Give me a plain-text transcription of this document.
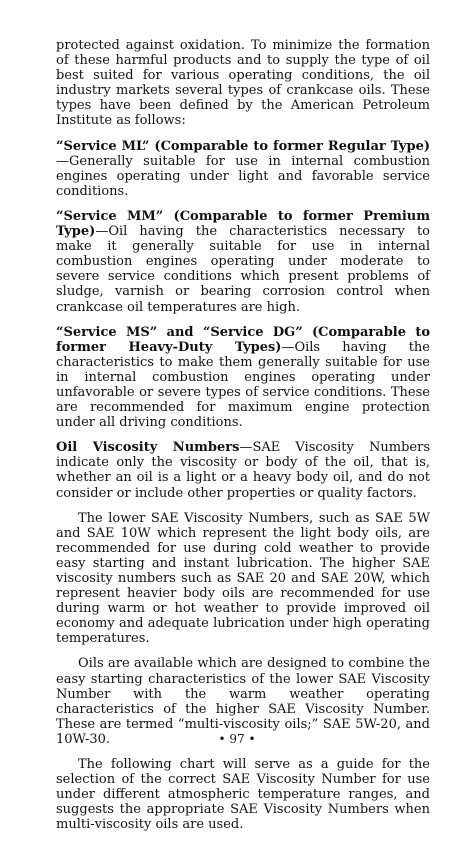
protected against oxidation. To minimize the formation of these harmful products and to supply the type of oil best suited for various operating conditions, the oil industry markets several types of crankcase oils. These types have been defined by the American Petroleum Institute as follows:

“Service ML” (Comparable to former Regular Type)—Generally suitable for use in internal combustion engines operating under light and favorable service conditions.

“Service MM” (Comparable to former Premium Type)—Oil having the characteristics necessary to make it generally suitable for use in internal combustion engines operating under moderate to severe service conditions which present problems of sludge, varnish or bearing corrosion control when crankcase oil temperatures are high.

“Service MS” and “Service DG” (Comparable to former Heavy-Duty Types)—Oils having the characteristics to make them generally suitable for use in internal combustion engines operating under unfavorable or severe types of service conditions. These are recommended for maximum engine protection under all driving conditions.

Oil Viscosity Numbers—SAE Viscosity Numbers indicate only the viscosity or body of the oil, that is, whether an oil is a light or a heavy body oil, and do not consider or include other properties or quality factors.

The lower SAE Viscosity Numbers, such as SAE 5W and SAE 10W which represent the light body oils, are recommended for use during cold weather to provide easy starting and instant lubrication. The higher SAE viscosity numbers such as SAE 20 and SAE 20W, which represent heavier body oils are recommended for use during warm or hot weather to provide improved oil economy and adequate lubrication under high operating temperatures.

Oils are available which are designed to combine the easy starting characteristics of the lower SAE Viscosity Number with the warm weather operating characteristics of the higher SAE Viscosity Number. These are termed “multi-viscosity oils;” SAE 5W-20, and 10W-30.

The following chart will serve as a guide for the selection of the correct SAE Viscosity Number for use under different atmospheric temperature ranges, and suggests the appropriate SAE Viscosity Numbers when multi-viscosity oils are used.

• 97 •
